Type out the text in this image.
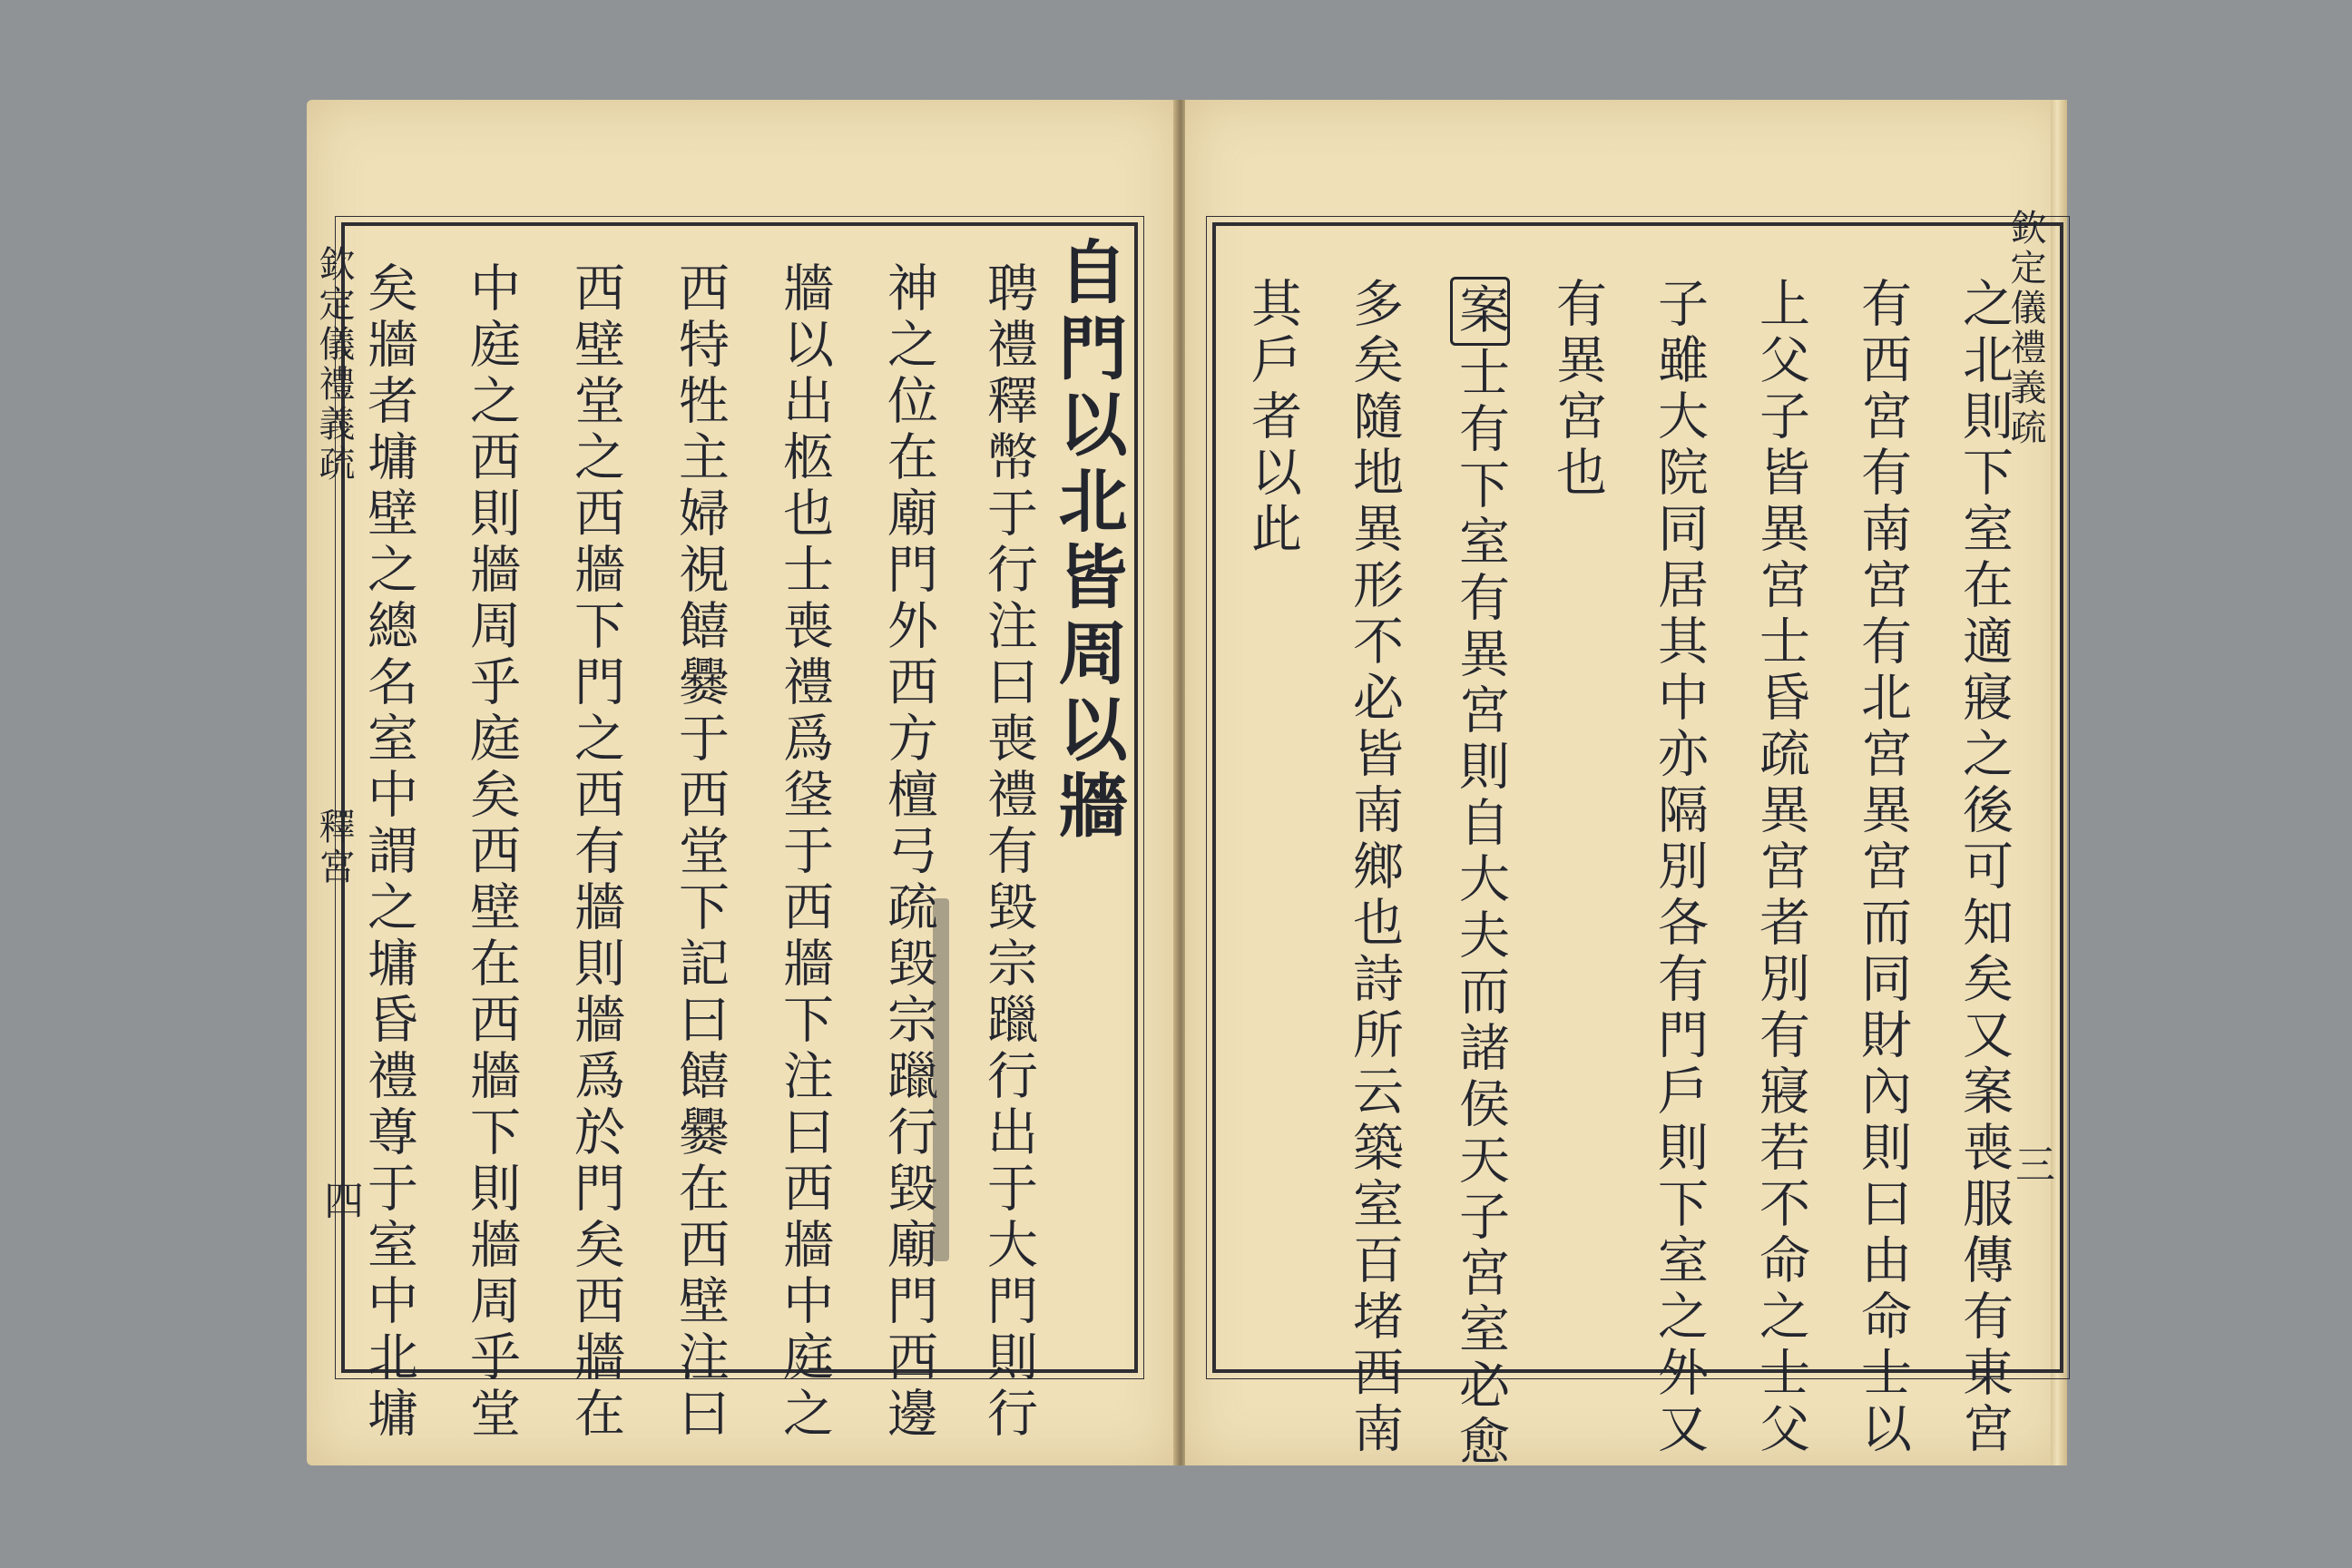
自門以北皆周以牆
聘禮釋幣于行注曰喪禮有毀宗躐行出于大門則行
神之位在廟門外西方檀弓疏毀宗躐行毀廟門西邊
牆以出柩也士喪禮爲垼于西牆下注曰西牆中庭之
西特牲主婦視饎爨于西堂下記曰饎爨在西壁注曰
西壁堂之西牆下門之西有牆則牆爲於門矣西牆在
中庭之西則牆周乎庭矣西壁在西牆下則牆周乎堂
矣牆者墉壁之總名室中謂之墉昏禮尊于室中北墉
欽定儀禮義疏
釋宮
四	之北則下室在適寢之後可知矣又案喪服傳有東宮
有西宮有南宮有北宮異宮而同財內則曰由命士以
上父子皆異宮士昏疏異宮者別有寢若不命之士父
子雖大院同居其中亦隔別各有門戶則下室之外又
有異宮也
案士有下室有異宮則自大夫而諸侯天子宮室必愈
多矣隨地異形不必皆南鄉也詩所云築室百堵西南
其戶者以此	欽定儀禮義疏
三
